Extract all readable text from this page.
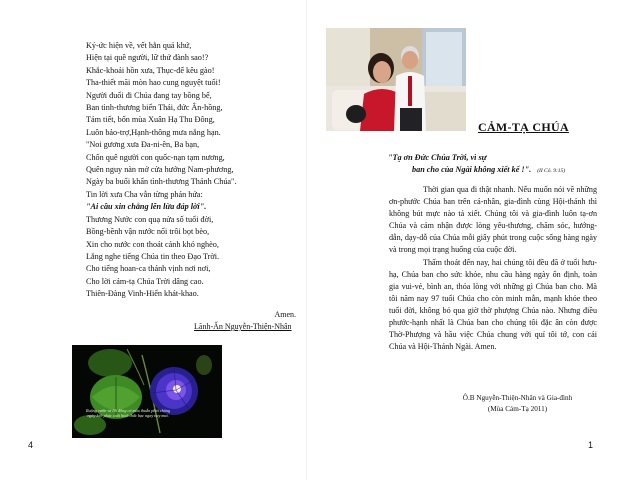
Ký-ức hiện về, vết hằn quá khứ,
Hiện tại quê người, lữ thứ đành sao!?
Khắc-khoải hồn xưa, Thục-đế kêu gào!
Tha-thiết mãi mòn hao cung nguyệt tuổi!
Người đuổi đi Chúa đang tay bồng bế,
Ban tình-thương biển Thái, đức Ân-hồng,
Tám tiết, bốn mùa Xuân Hạ Thu Đông,
Luôn bảo-trợ,Hạnh-thông mưa nắng hạn.
"Noi gương xưa Đa-ni-ên, Ba bạn,
Chốn quê người con quốc-nạn tạm nương,
Quên nguy nàn mở cửa hướng Nam-phương,
Ngày ba buổi khẩn tình-thương Thánh Chúa".
Tin lời xưa Cha vẫn từng phán hứa:
"Ai cầu xin chẳng lẽn lừa đáp lời".
Thương Nước con quạ nửa số tuổi đời,
Bồng-bềnh vận nước nổi trôi bọt bèo,
Xin cho nước con thoát cảnh khó nghèo,
Lắng nghe tiếng Chúa tin theo Đạo Trời.
Cho tiếng hoan-ca thánh vịnh nơi nơi,
Cho lời cảm-tạ Chúa Trời dâng cao.
Thiên-Đàng Vinh-Hiển khát-khao.
Amen.
Lãnh-Ấn Nguyễn-Thiện-Nhân
Ruộng vườn và lời đồng có mâu thuẫn phải chăng ngày kiệt phúc cuối hình thức bạc ngay nay mai.
4
CẢM-TẠ CHÚA
"Tạ ơn Đức Chúa Trời, vì sự
ban cho của Ngài không xiết kể !". (II Cô. 9:15)

Thời gian qua đi thật nhanh. Nếu muốn nói về những ơn-phước Chúa ban trên cá-nhân, gia-đình cùng Hội-thánh thì không bút mực nào tả xiết. Chúng tôi và gia-đình luôn tạ-ơn Chúa và cảm nhận được lòng yêu-thương, chăm sóc, hướng-dẫn, dạy-dỗ của Chúa mỗi giây phút trong cuộc sống hàng ngày và trong mọi trạng huống của cuộc đời.

Thấm thoát đến nay, hai chúng tôi đều đã ở tuổi hưu-hạ, Chúa ban cho sức khỏe, nhu cầu hàng ngày ổn định, toàn gia vui-vẻ, bình an, thỏa lòng với những gì Chúa ban cho. Mà tôi năm nay 97 tuổi Chúa cho còn minh mẫn, mạnh khỏe theo tuổi đời, không bỏ qua giờ thờ phượng Chúa nào. Nhưng điều phước-hạnh nhất là Chúa ban cho chúng tôi đặc ân còn được Thờ-Phượng và hầu việc Chúa chung với quí tôi tớ, con cái Chúa và Hội-Thánh Ngài. Amen.

Ô.B Nguyễn-Thiện-Nhân và Gia-đình
(Mùa Cảm-Tạ 2011)
1
